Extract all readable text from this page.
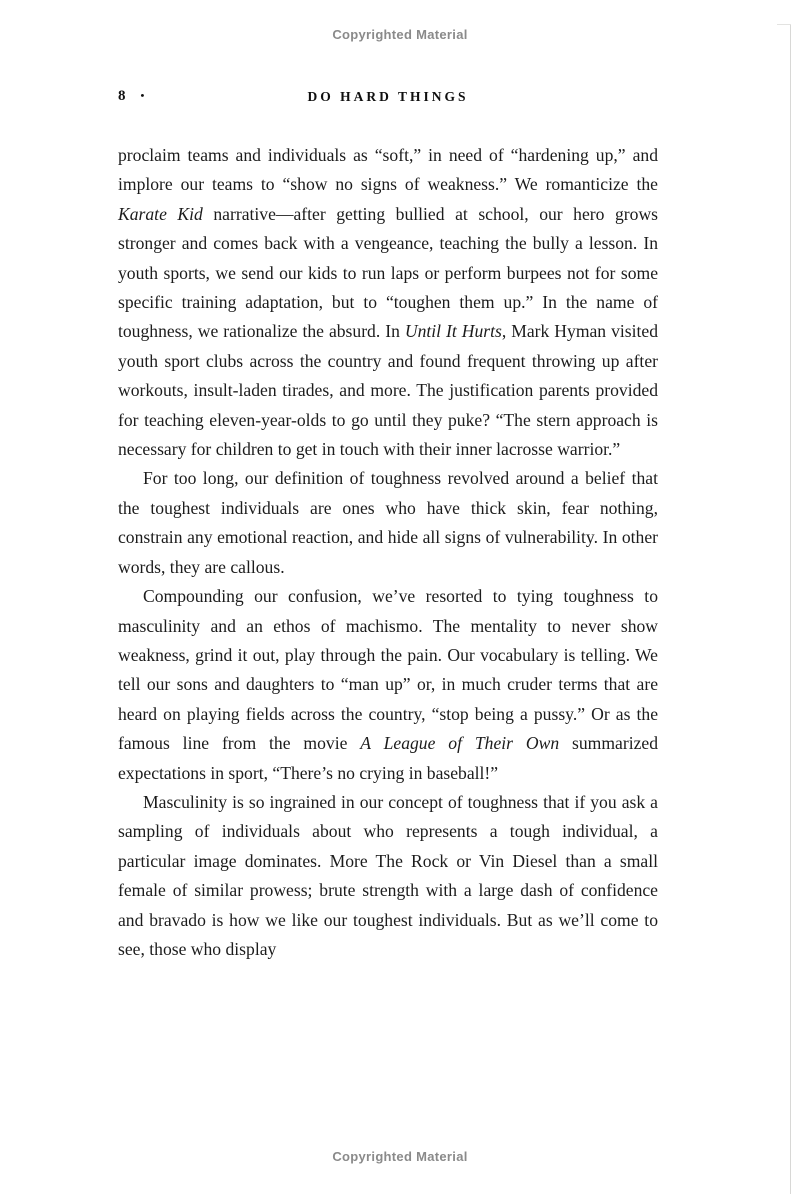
Copyrighted Material
8 •	DO HARD THINGS

proclaim teams and individuals as “soft,” in need of “hardening up,” and implore our teams to “show no signs of weakness.” We romanticize the Karate Kid narrative—after getting bullied at school, our hero grows stronger and comes back with a vengeance, teaching the bully a lesson. In youth sports, we send our kids to run laps or perform burpees not for some specific training adaptation, but to “toughen them up.” In the name of toughness, we rationalize the absurd. In Until It Hurts, Mark Hyman visited youth sport clubs across the country and found frequent throwing up after workouts, insult-laden tirades, and more. The justification parents provided for teaching eleven-year-olds to go until they puke? “The stern approach is necessary for children to get in touch with their inner lacrosse warrior.”

For too long, our definition of toughness revolved around a belief that the toughest individuals are ones who have thick skin, fear nothing, constrain any emotional reaction, and hide all signs of vulnerability. In other words, they are callous.

Compounding our confusion, we’ve resorted to tying toughness to masculinity and an ethos of machismo. The mentality to never show weakness, grind it out, play through the pain. Our vocabulary is telling. We tell our sons and daughters to “man up” or, in much cruder terms that are heard on playing fields across the country, “stop being a pussy.” Or as the famous line from the movie A League of Their Own summarized expectations in sport, “There’s no crying in baseball!”

Masculinity is so ingrained in our concept of toughness that if you ask a sampling of individuals about who represents a tough individual, a particular image dominates. More The Rock or Vin Diesel than a small female of similar prowess; brute strength with a large dash of confidence and bravado is how we like our toughest individuals. But as we’ll come to see, those who display

Copyrighted Material
